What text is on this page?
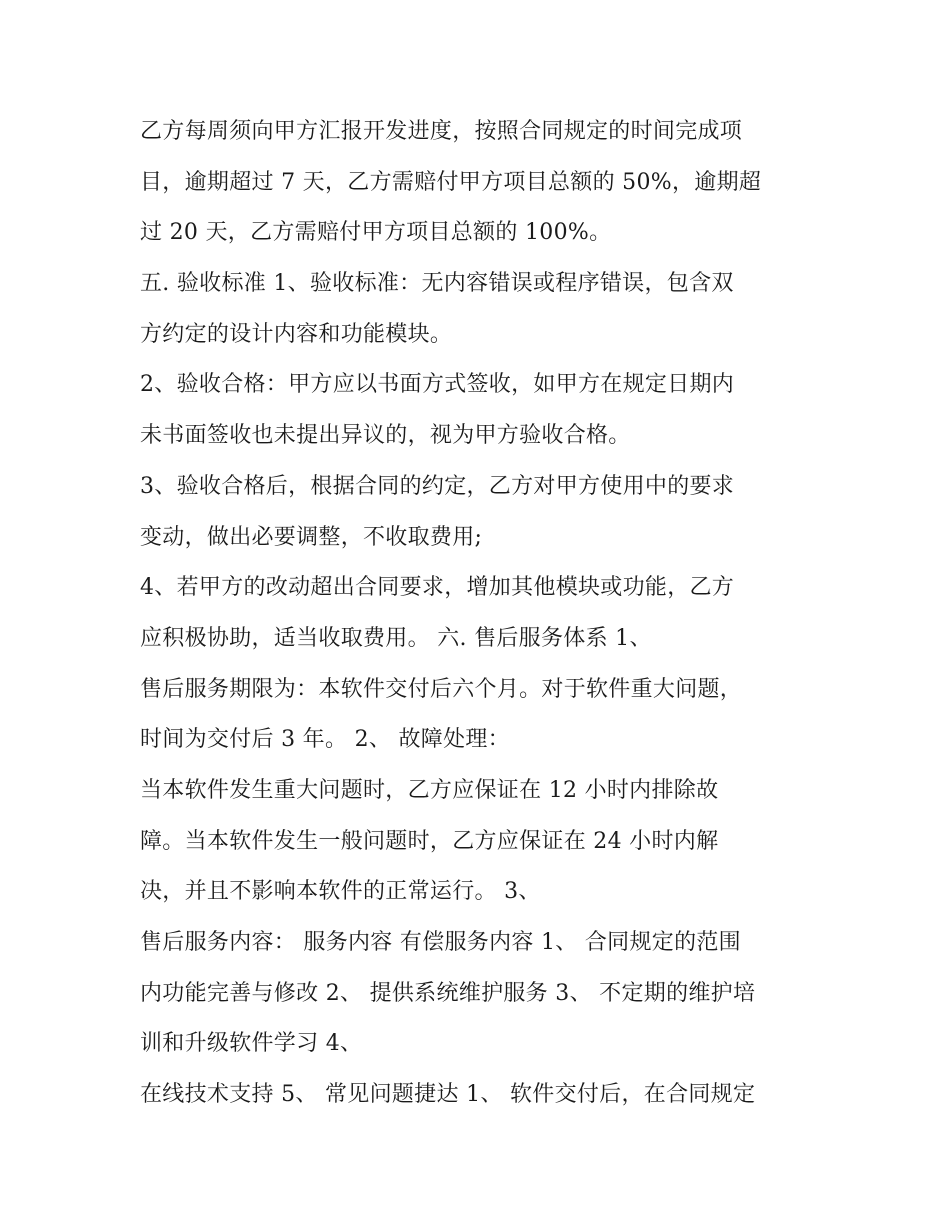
乙方每周须向甲方汇报开发进度，按照合同规定的时间完成项
目，逾期超过 7 天，乙方需赔付甲方项目总额的 50%，逾期超
过 20 天，乙方需赔付甲方项目总额的 100%。
五. 验收标准 1、验收标准：无内容错误或程序错误，包含双
方约定的设计内容和功能模块。
2、验收合格：甲方应以书面方式签收，如甲方在规定日期内
未书面签收也未提出异议的，视为甲方验收合格。
3、验收合格后，根据合同的约定，乙方对甲方使用中的要求
变动，做出必要调整，不收取费用;
4、若甲方的改动超出合同要求，增加其他模块或功能，乙方
应积极协助，适当收取费用。 六. 售后服务体系 1、
售后服务期限为：本软件交付后六个月。对于软件重大问题，
时间为交付后 3 年。 2、 故障处理：
当本软件发生重大问题时，乙方应保证在 12 小时内排除故
障。当本软件发生一般问题时，乙方应保证在 24 小时内解
决，并且不影响本软件的正常运行。 3、
售后服务内容： 服务内容 有偿服务内容 1、 合同规定的范围
内功能完善与修改 2、 提供系统维护服务 3、 不定期的维护培
训和升级软件学习 4、
在线技术支持 5、 常见问题捷达 1、 软件交付后，在合同规定
